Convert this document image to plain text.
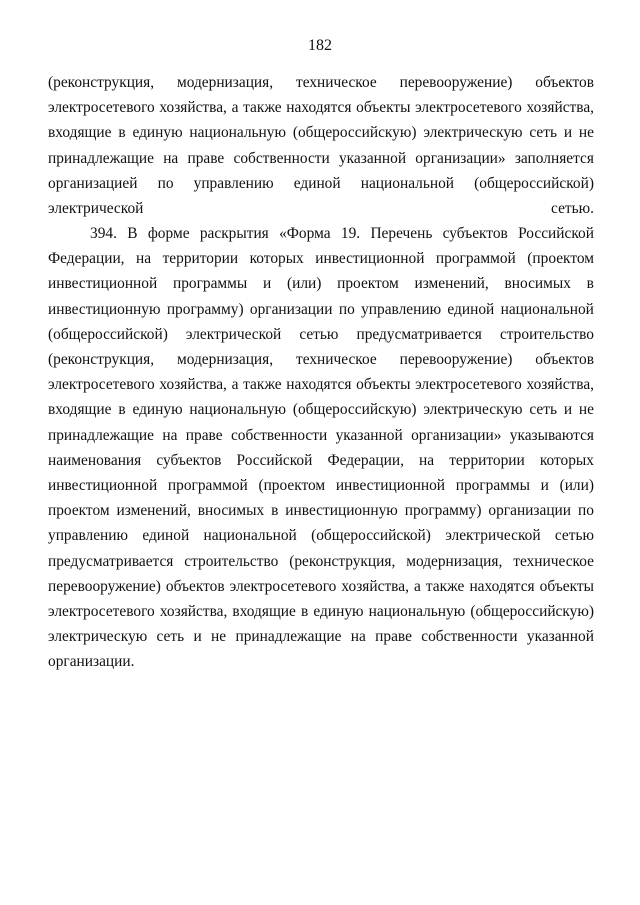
182
(реконструкция, модернизация, техническое перевооружение) объектов
электросетевого хозяйства, а также находятся объекты электросетевого хозяйства,
входящие в единую национальную (общероссийскую) электрическую сеть и не
принадлежащие на праве собственности указанной организации» заполняется
организацией по управлению единой национальной (общероссийской)
электрической сетью.
394. В форме раскрытия «Форма 19. Перечень субъектов Российской
Федерации, на территории которых инвестиционной программой (проектом
инвестиционной программы и (или) проектом изменений, вносимых в
инвестиционную программу) организации по управлению единой национальной
(общероссийской) электрической сетью предусматривается строительство
(реконструкция, модернизация, техническое перевооружение) объектов
электросетевого хозяйства, а также находятся объекты электросетевого хозяйства,
входящие в единую национальную (общероссийскую) электрическую сеть и не
принадлежащие на праве собственности указанной организации» указываются
наименования субъектов Российской Федерации, на территории которых
инвестиционной программой (проектом инвестиционной программы и (или)
проектом изменений, вносимых в инвестиционную программу) организации по
управлению единой национальной (общероссийской) электрической сетью
предусматривается строительство (реконструкция, модернизация, техническое
перевооружение) объектов электросетевого хозяйства, а также находятся объекты
электросетевого хозяйства, входящие в единую национальную (общероссийскую)
электрическую сеть и не принадлежащие на праве собственности указанной
организации.
